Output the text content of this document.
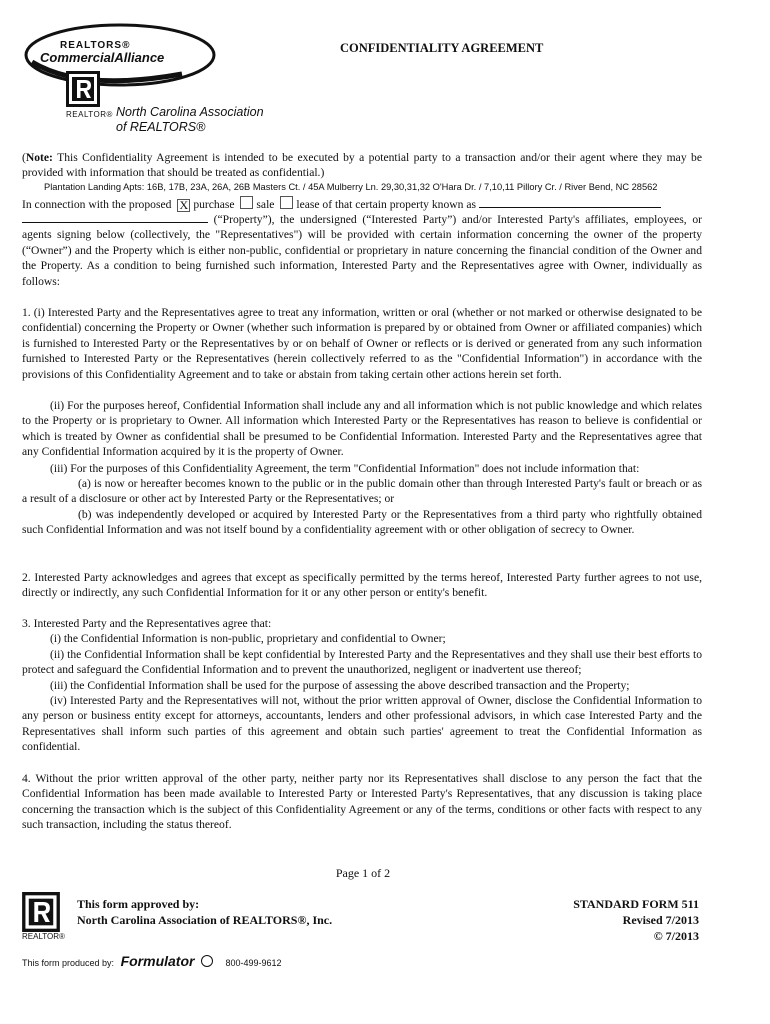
REALTORS®
CommercialAlliance
REALTOR® North Carolina Association
of REALTORS®
CONFIDENTIALITY AGREEMENT

(Note: This Confidentiality Agreement is intended to be executed by a potential party to a transaction and/or their agent where they may be provided with information that should be treated as confidential.)

Plantation Landing Apts: 16B, 17B, 23A, 26A, 26B Masters Ct. / 45A Mulberry Ln. 29,30,31,32 O'Hara Dr. / 7,10,11 Pillory Cr. / River Bend, NC 28562
In connection with the proposed X purchase sale lease of that certain property known as

(“Property”), the undersigned (“Interested Party”) and/or Interested Party's affiliates, employees, or agents signing below (collectively, the "Representatives") will be provided with certain information concerning the owner of the property (“Owner”) and the Property which is either non-public, confidential or proprietary in nature concerning the financial condition of the Owner and the Property. As a condition to being furnished such information, Interested Party and the Representatives agree with Owner, individually as follows:

1. (i) Interested Party and the Representatives agree to treat any information, written or oral (whether or not marked or otherwise designated to be confidential) concerning the Property or Owner (whether such information is prepared by or obtained from Owner or affiliated companies) which is furnished to Interested Party or the Representatives by or on behalf of Owner or reflects or is derived or generated from any such information furnished to Interested Party or the Representatives (herein collectively referred to as the "Confidential Information") in accordance with the provisions of this Confidentiality Agreement and to take or abstain from taking certain other actions herein set forth.

(ii) For the purposes hereof, Confidential Information shall include any and all information which is not public knowledge and which relates to the Property or is proprietary to Owner. All information which Interested Party or the Representatives has reason to believe is confidential or which is treated by Owner as confidential shall be presumed to be Confidential Information. Interested Party and the Representatives agree that any Confidential Information acquired by it is the property of Owner.

(iii) For the purposes of this Confidentiality Agreement, the term "Confidential Information" does not include information that:

(a) is now or hereafter becomes known to the public or in the public domain other than through Interested Party's fault or breach or as a result of a disclosure or other act by Interested Party or the Representatives; or

(b) was independently developed or acquired by Interested Party or the Representatives from a third party who rightfully obtained such Confidential Information and was not itself bound by a confidentiality agreement with or other obligation of secrecy to Owner.

2. Interested Party acknowledges and agrees that except as specifically permitted by the terms hereof, Interested Party further agrees to not use, directly or indirectly, any such Confidential Information for it or any other person or entity's benefit.

3. Interested Party and the Representatives agree that:

(i) the Confidential Information is non-public, proprietary and confidential to Owner;

(ii) the Confidential Information shall be kept confidential by Interested Party and the Representatives and they shall use their best efforts to protect and safeguard the Confidential Information and to prevent the unauthorized, negligent or inadvertent use thereof;

(iii) the Confidential Information shall be used for the purpose of assessing the above described transaction and the Property;

(iv) Interested Party and the Representatives will not, without the prior written approval of Owner, disclose the Confidential Information to any person or business entity except for attorneys, accountants, lenders and other professional advisors, in which case Interested Party and the Representatives shall inform such parties of this agreement and obtain such parties' agreement to treat the Confidential Information as confidential.

4. Without the prior written approval of the other party, neither party nor its Representatives shall disclose to any person the fact that the Confidential Information has been made available to Interested Party or Interested Party's Representatives, that any discussion is taking place concerning the transaction which is the subject of this Confidentiality Agreement or any of the terms, conditions or other facts with respect to any such transaction, including the status thereof.

Page 1 of 2
REALTOR®
This form approved by:
North Carolina Association of REALTORS®, Inc.
STANDARD FORM 511
Revised 7/2013
© 7/2013
This form produced by: Formulator	800-499-9612
